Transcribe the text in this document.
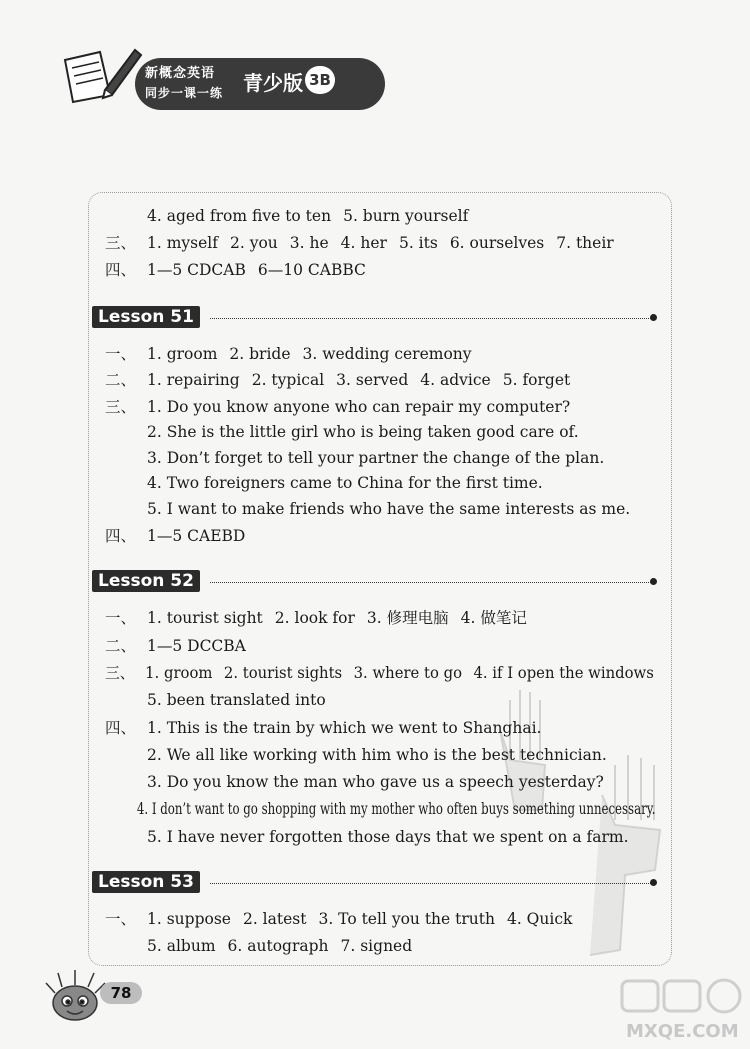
新概念英语
同步一课一练 青少版 3B
4. aged from five to ten 5. burn yourself
三、 1. myself 2. you 3. he 4. her 5. its 6. ourselves 7. their
四、 1—5 CDCAB 6—10 CABBC
Lesson 51
一、 1. groom 2. bride 3. wedding ceremony
二、 1. repairing 2. typical 3. served 4. advice 5. forget
三、 1. Do you know anyone who can repair my computer?
2. She is the little girl who is being taken good care of.
3. Don’t forget to tell your partner the change of the plan.
4. Two foreigners came to China for the first time.
5. I want to make friends who have the same interests as me.
四、 1—5 CAEBD
Lesson 52
一、 1. tourist sight 2. look for 3. 修理电脑 4. 做笔记
二、 1—5 DCCBA
三、 1. groom 2. tourist sights 3. where to go 4. if I open the windows
5. been translated into
四、 1. This is the train by which we went to Shanghai.
2. We all like working with him who is the best technician.
3. Do you know the man who gave us a speech yesterday?
4. I don’t want to go shopping with my mother who often buys something unnecessary.
5. I have never forgotten those days that we spent on a farm.
Lesson 53
一、 1. suppose 2. latest 3. To tell you the truth 4. Quick
5. album 6. autograph 7. signed
78
MXQE.COM
